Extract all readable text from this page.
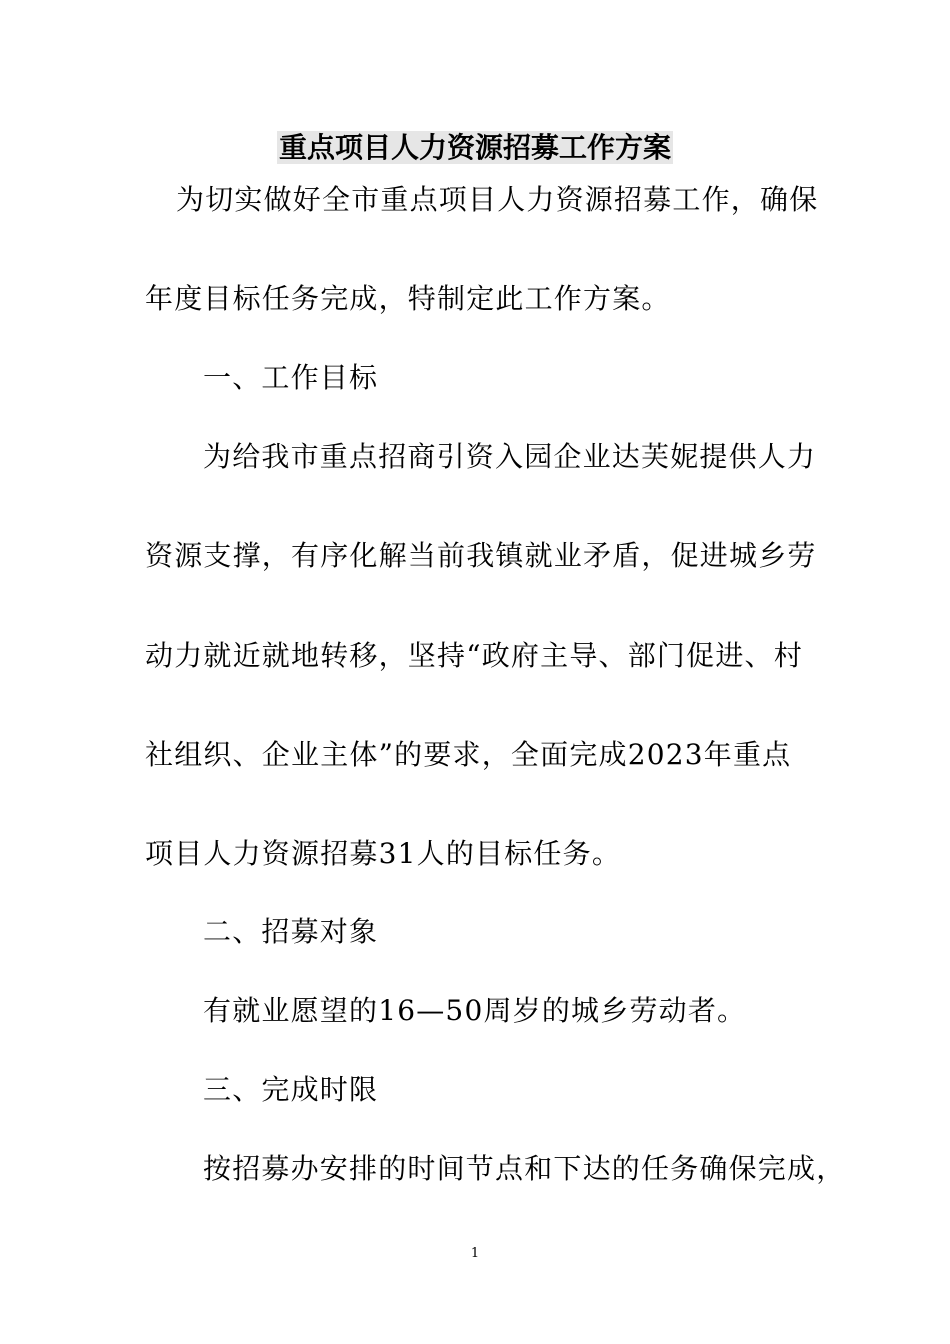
重点项目人力资源招募工作方案
为切实做好全市重点项目人力资源招募工作，确保
年度目标任务完成，特制定此工作方案。
一、工作目标
为给我市重点招商引资入园企业达芙妮提供人力
资源支撑，有序化解当前我镇就业矛盾，促进城乡劳
动力就近就地转移，坚持“政府主导、部门促进、村
社组织、企业主体”的要求，全面完成2023年重点
项目人力资源招募31人的目标任务。
二、招募对象
有就业愿望的16—50周岁的城乡劳动者。
三、完成时限
按招募办安排的时间节点和下达的任务确保完成，
1
